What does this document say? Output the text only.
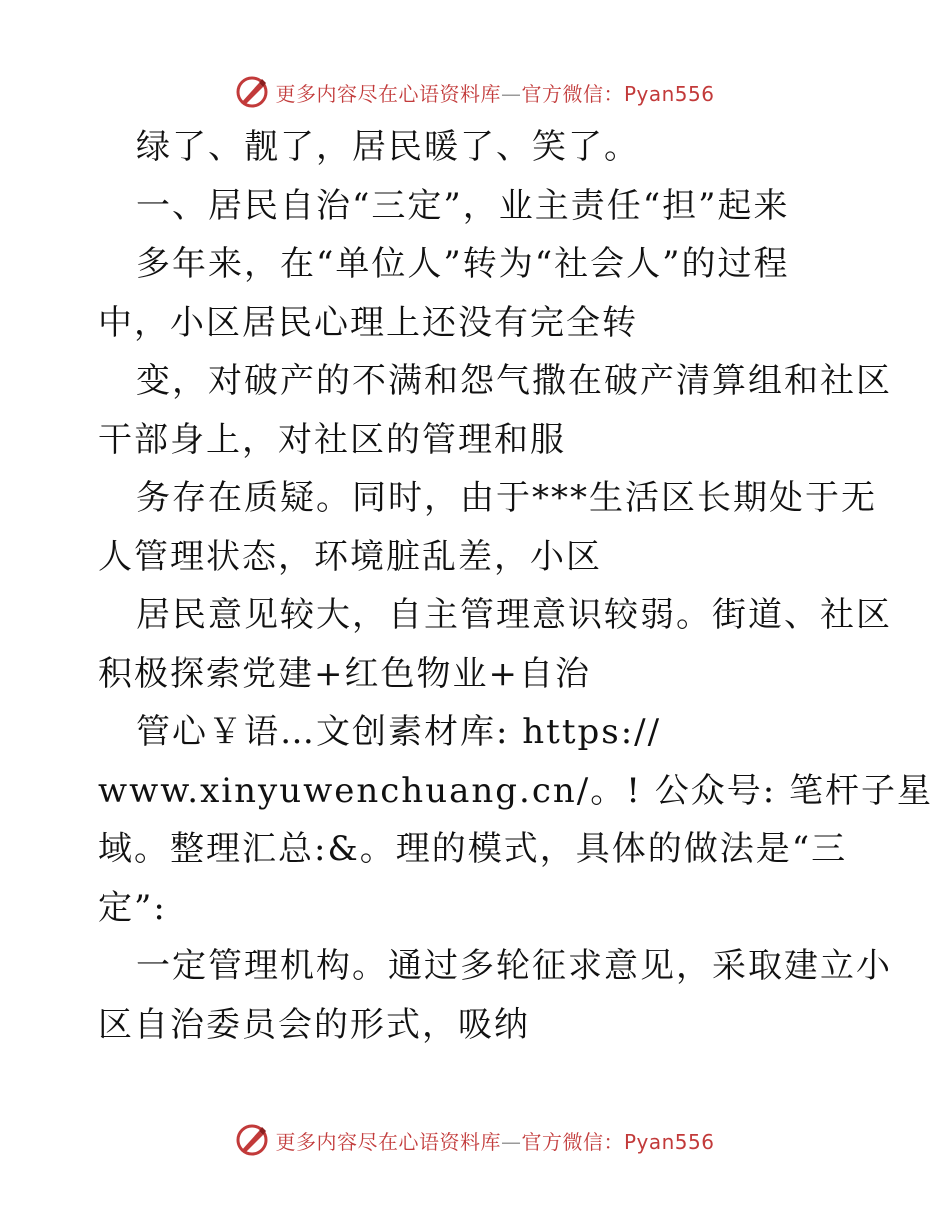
更多内容尽在心语资料库—官方微信：Pyan556
绿了、靓了，居民暖了、笑了。
一、居民自治“三定”，业主责任“担”起来
多年来，在“单位人”转为“社会人”的过程
中，小区居民心理上还没有完全转
变，对破产的不满和怨气撒在破产清算组和社区
干部身上，对社区的管理和服
务存在质疑。同时，由于***生活区长期处于无
人管理状态，环境脏乱差，小区
居民意见较大，自主管理意识较弱。街道、社区
积极探索党建+红色物业+自治
管心￥语…文创素材库: https://
www.xinyuwenchuang.cn/。! 公众号: 笔杆子星
域。整理汇总:&。理的模式，具体的做法是“三
定”:
一定管理机构。通过多轮征求意见，采取建立小
区自治委员会的形式，吸纳
更多内容尽在心语资料库—官方微信：Pyan556
